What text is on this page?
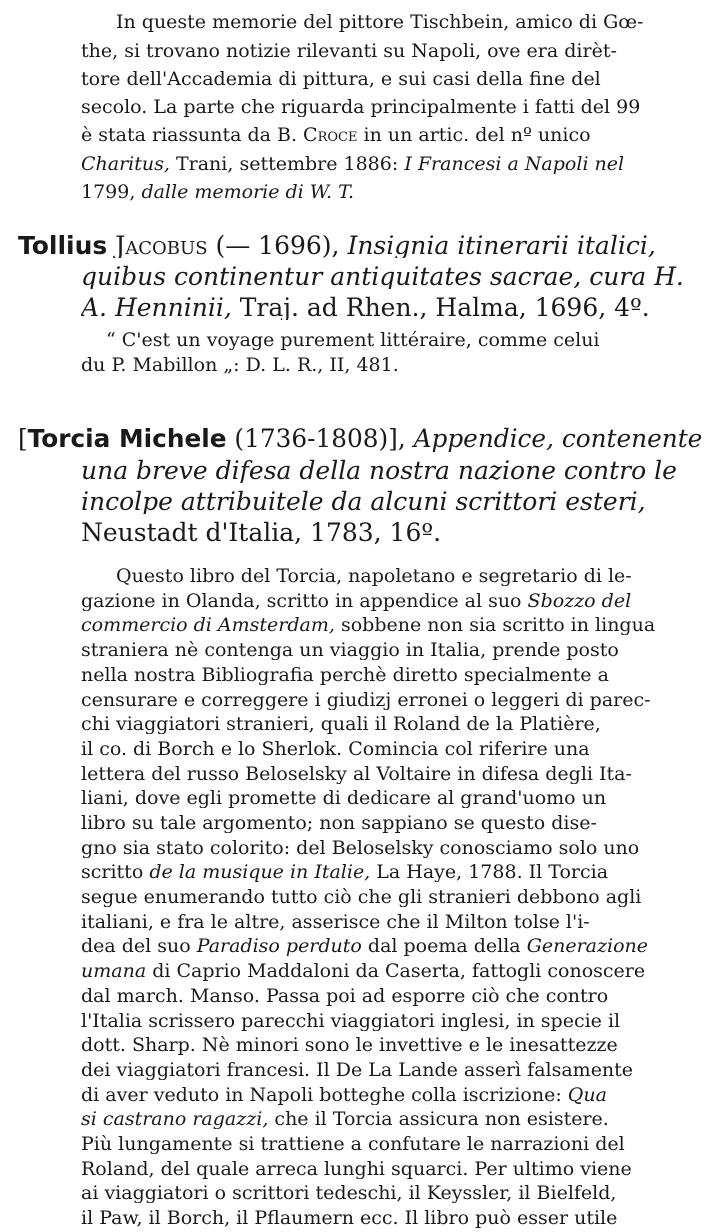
In queste memorie del pittore Tischbein, amico di Gœ-
the, si trovano notizie rilevanti su Napoli, ove era dirèt-
tore dell'Accademia di pittura, e sui casi della fine del
secolo. La parte che riguarda principalmente i fatti del 99
è stata riassunta da B. Croce in un artic. del nº unico
Charitus, Trani, settembre 1886: I Francesi a Napoli nel
1799, dalle memorie di W. T.
Tollius Jacobus (— 1696), Insignia itinerarii italici,
quibus continentur antiquitates sacrae, cura H.
A. Henninii, Traj. ad Rhen., Halma, 1696, 4º.
“ C'est un voyage purement littéraire, comme celui
du P. Mabillon „: D. L. R., II, 481.
[Torcia Michele (1736-1808)], Appendice, contenente
una breve difesa della nostra nazione contro le
incolpe attribuitele da alcuni scrittori esteri,
Neustadt d'Italia, 1783, 16º.
Questo libro del Torcia, napoletano e segretario di le-
gazione in Olanda, scritto in appendice al suo Sbozzo del
commercio di Amsterdam, sobbene non sia scritto in lingua
straniera nè contenga un viaggio in Italia, prende posto
nella nostra Bibliografia perchè diretto specialmente a
censurare e correggere i giudizj erronei o leggeri di parec-
chi viaggiatori stranieri, quali il Roland de la Platière,
il co. di Borch e lo Sherlok. Comincia col riferire una
lettera del russo Beloselsky al Voltaire in difesa degli Ita-
liani, dove egli promette di dedicare al grand'uomo un
libro su tale argomento; non sappiano se questo dise-
gno sia stato colorito: del Beloselsky conosciamo solo uno
scritto de la musique in Italie, La Haye, 1788. Il Torcia
segue enumerando tutto ciò che gli stranieri debbono agli
italiani, e fra le altre, asserisce che il Milton tolse l'i-
dea del suo Paradiso perduto dal poema della Generazione
umana di Caprio Maddaloni da Caserta, fattogli conoscere
dal march. Manso. Passa poi ad esporre ciò che contro
l'Italia scrissero parecchi viaggiatori inglesi, in specie il
dott. Sharp. Nè minori sono le invettive e le inesattezze
dei viaggiatori francesi. Il De La Lande asserì falsamente
di aver veduto in Napoli botteghe colla iscrizione: Qua
si castrano ragazzi, che il Torcia assicura non esistere.
Più lungamente si trattiene a confutare le narrazioni del
Roland, del quale arreca lunghi squarci. Per ultimo viene
ai viaggiatori o scrittori tedeschi, il Keyssler, il Bielfeld,
il Paw, il Borch, il Pflaumern ecc. Il libro può esser utile
